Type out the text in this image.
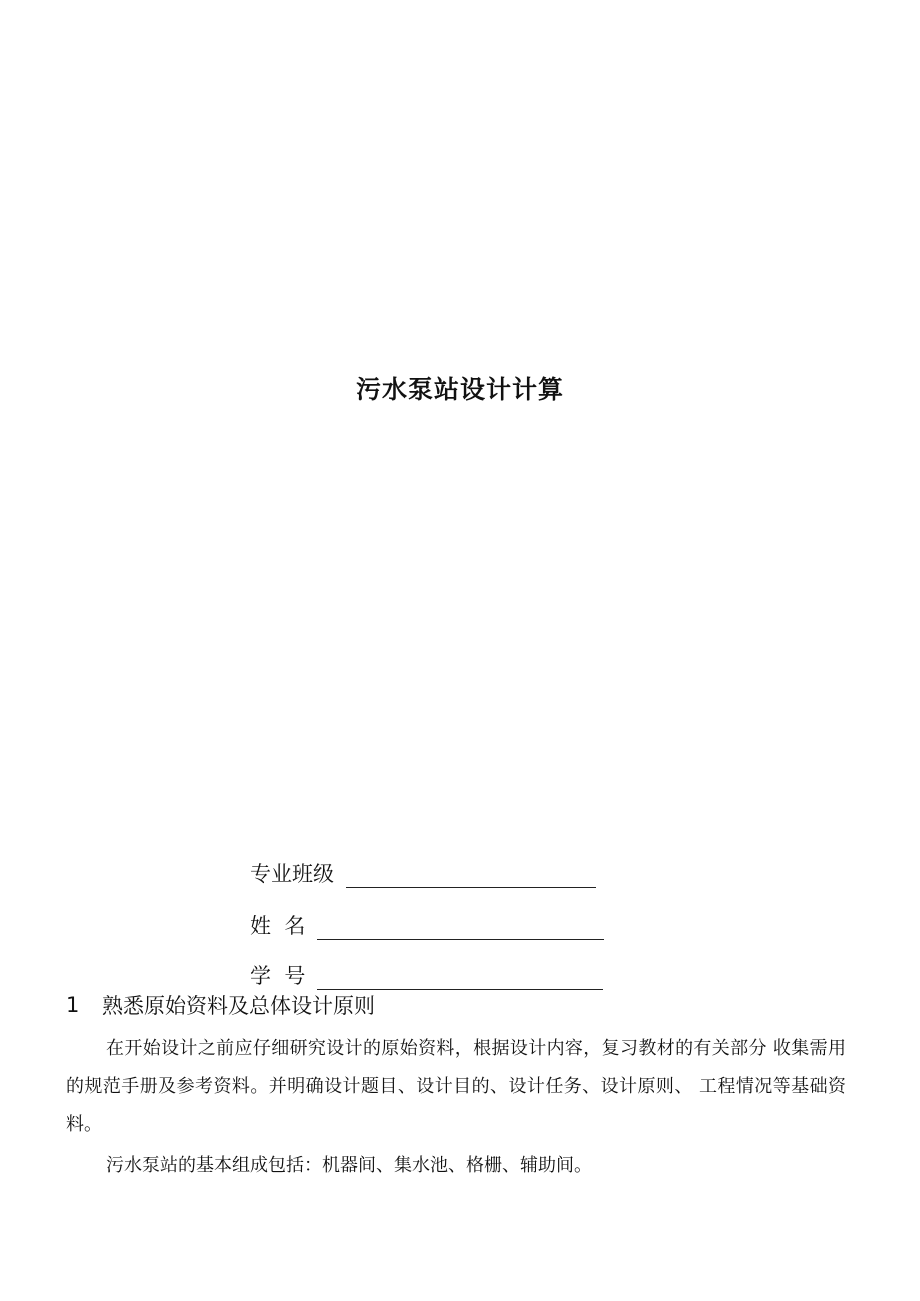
污水泵站设计计算
专业班级
姓  名
学  号
1	熟悉原始资料及总体设计原则
在开始设计之前应仔细研究设计的原始资料，根据设计内容，复习教材的有关部分 收集需用的规范手册及参考资料。并明确设计题目、设计目的、设计任务、设计原则、 工程情况等基础资料。
污水泵站的基本组成包括：机器间、集水池、格栅、辅助间。
